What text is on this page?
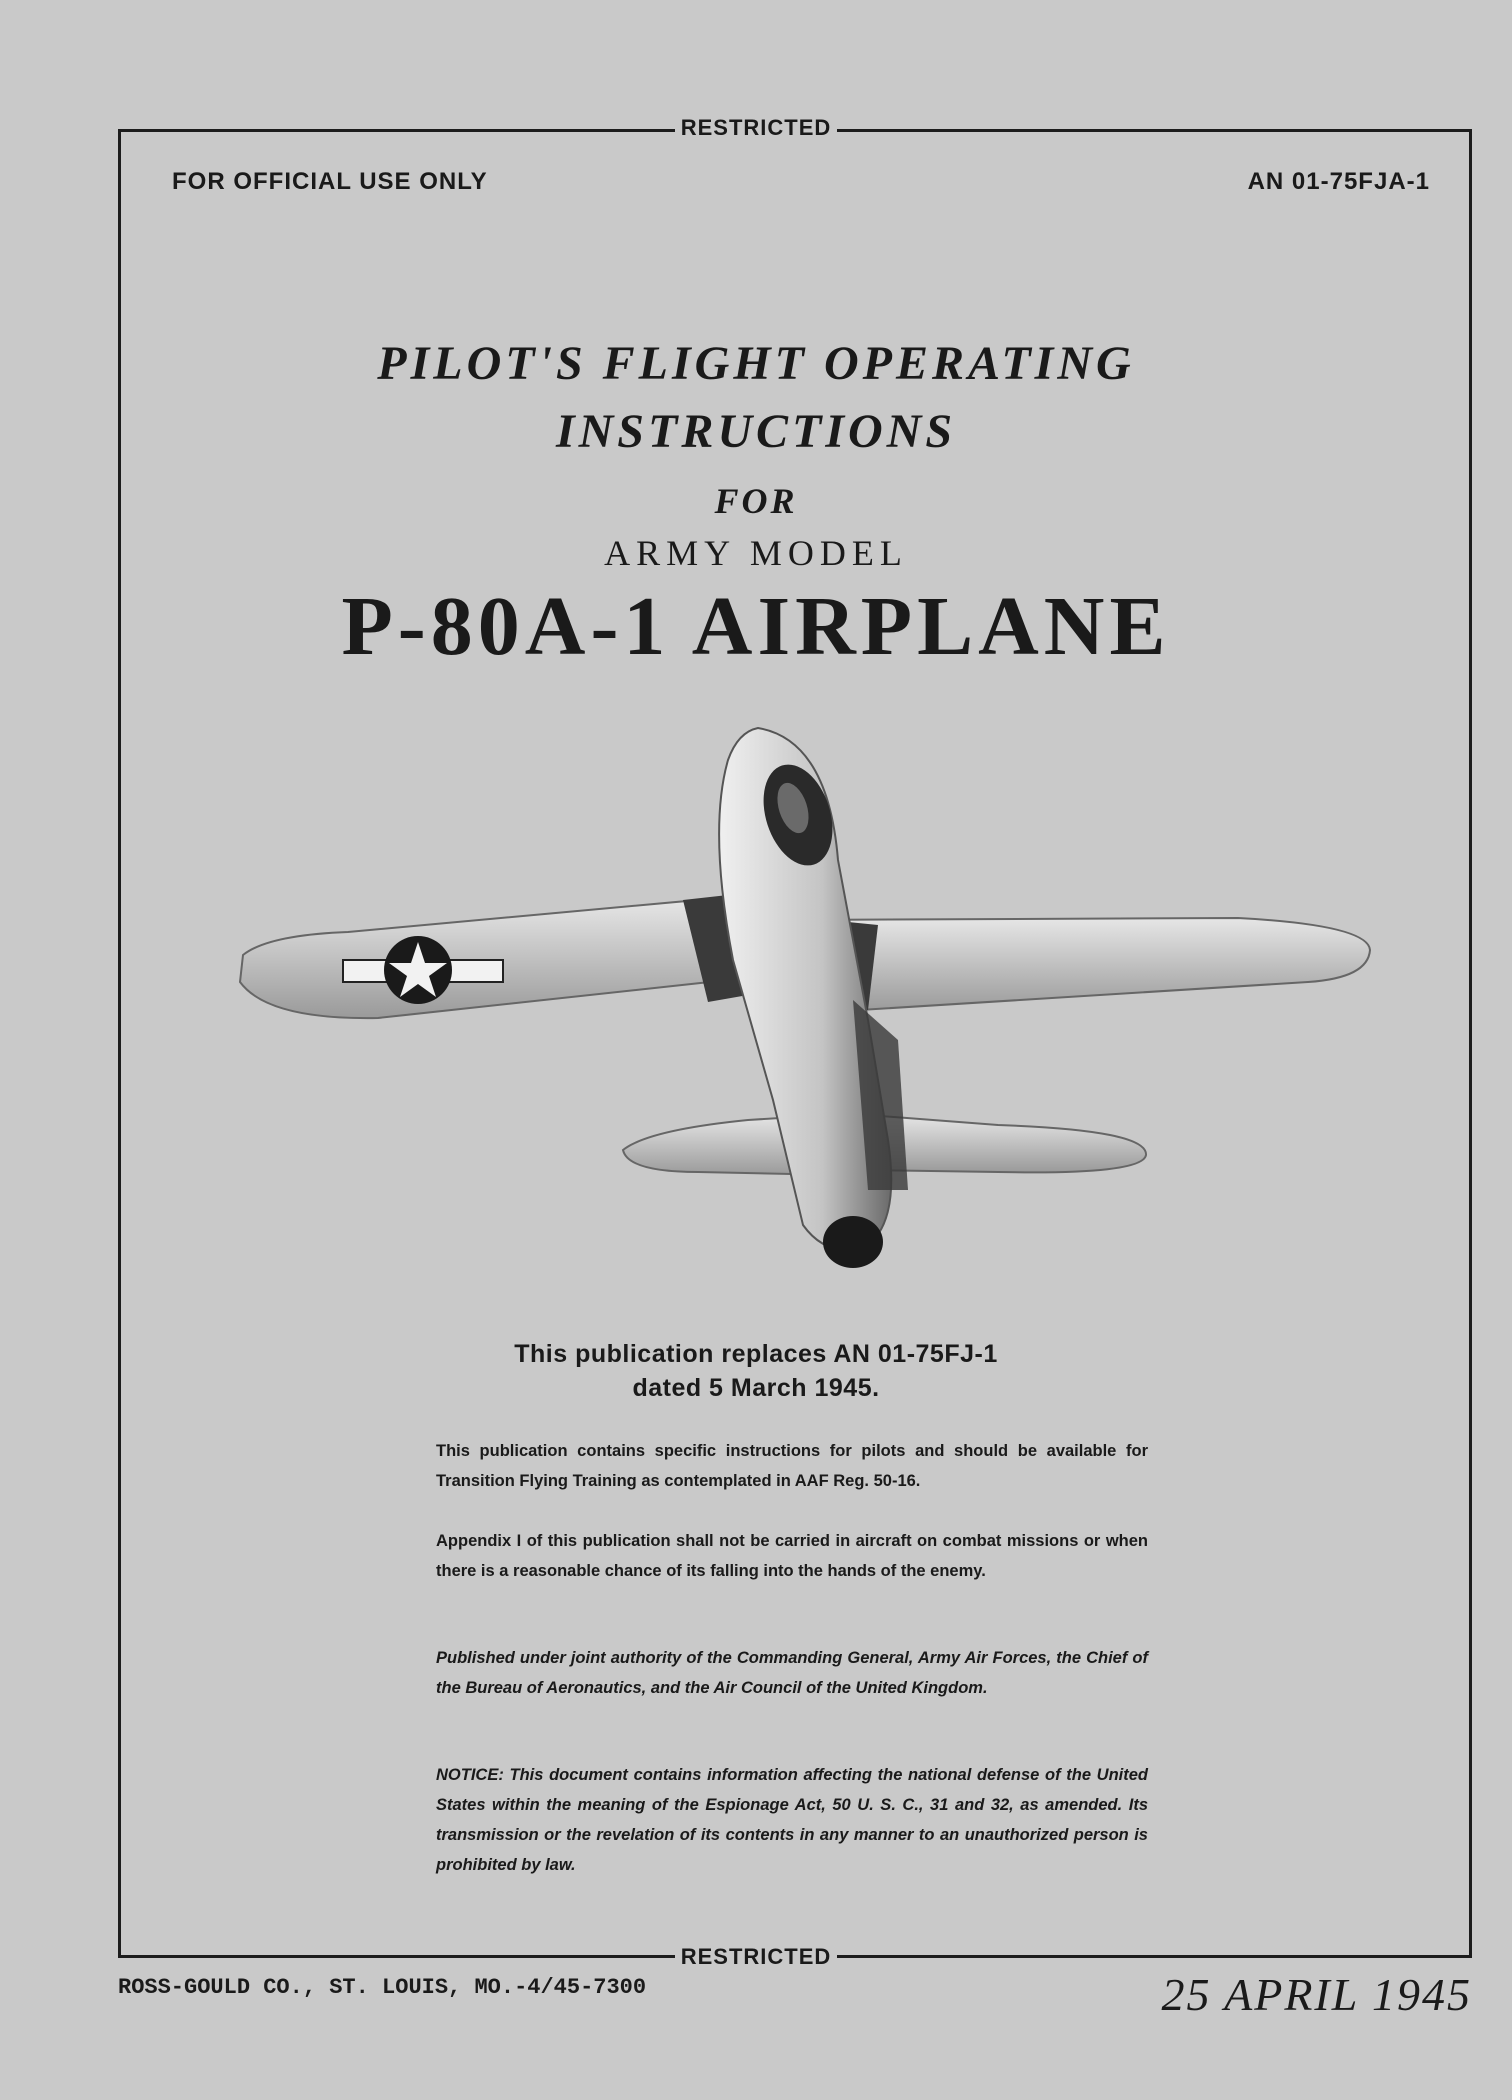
RESTRICTED
FOR OFFICIAL USE ONLY	AN 01-75FJA-1
PILOT'S FLIGHT OPERATING
INSTRUCTIONS
FOR
ARMY MODEL
P-80A-1 AIRPLANE
This publication replaces AN 01-75FJ-1
dated 5 March 1945.
This publication contains specific instructions for pilots and should be available for Transition Flying Training as contemplated in AAF Reg. 50-16.
Appendix I of this publication shall not be carried in aircraft on combat missions or when there is a reasonable chance of its falling into the hands of the enemy.
Published under joint authority of the Commanding General, Army Air Forces, the Chief of the Bureau of Aeronautics, and the Air Council of the United Kingdom.
NOTICE: This document contains information affecting the national defense of the United States within the meaning of the Espionage Act, 50 U. S. C., 31 and 32, as amended. Its transmission or the revelation of its contents in any manner to an unauthorized person is prohibited by law.
RESTRICTED
ROSS-GOULD CO., ST. LOUIS, MO.-4/45-7300	25 APRIL 1945
